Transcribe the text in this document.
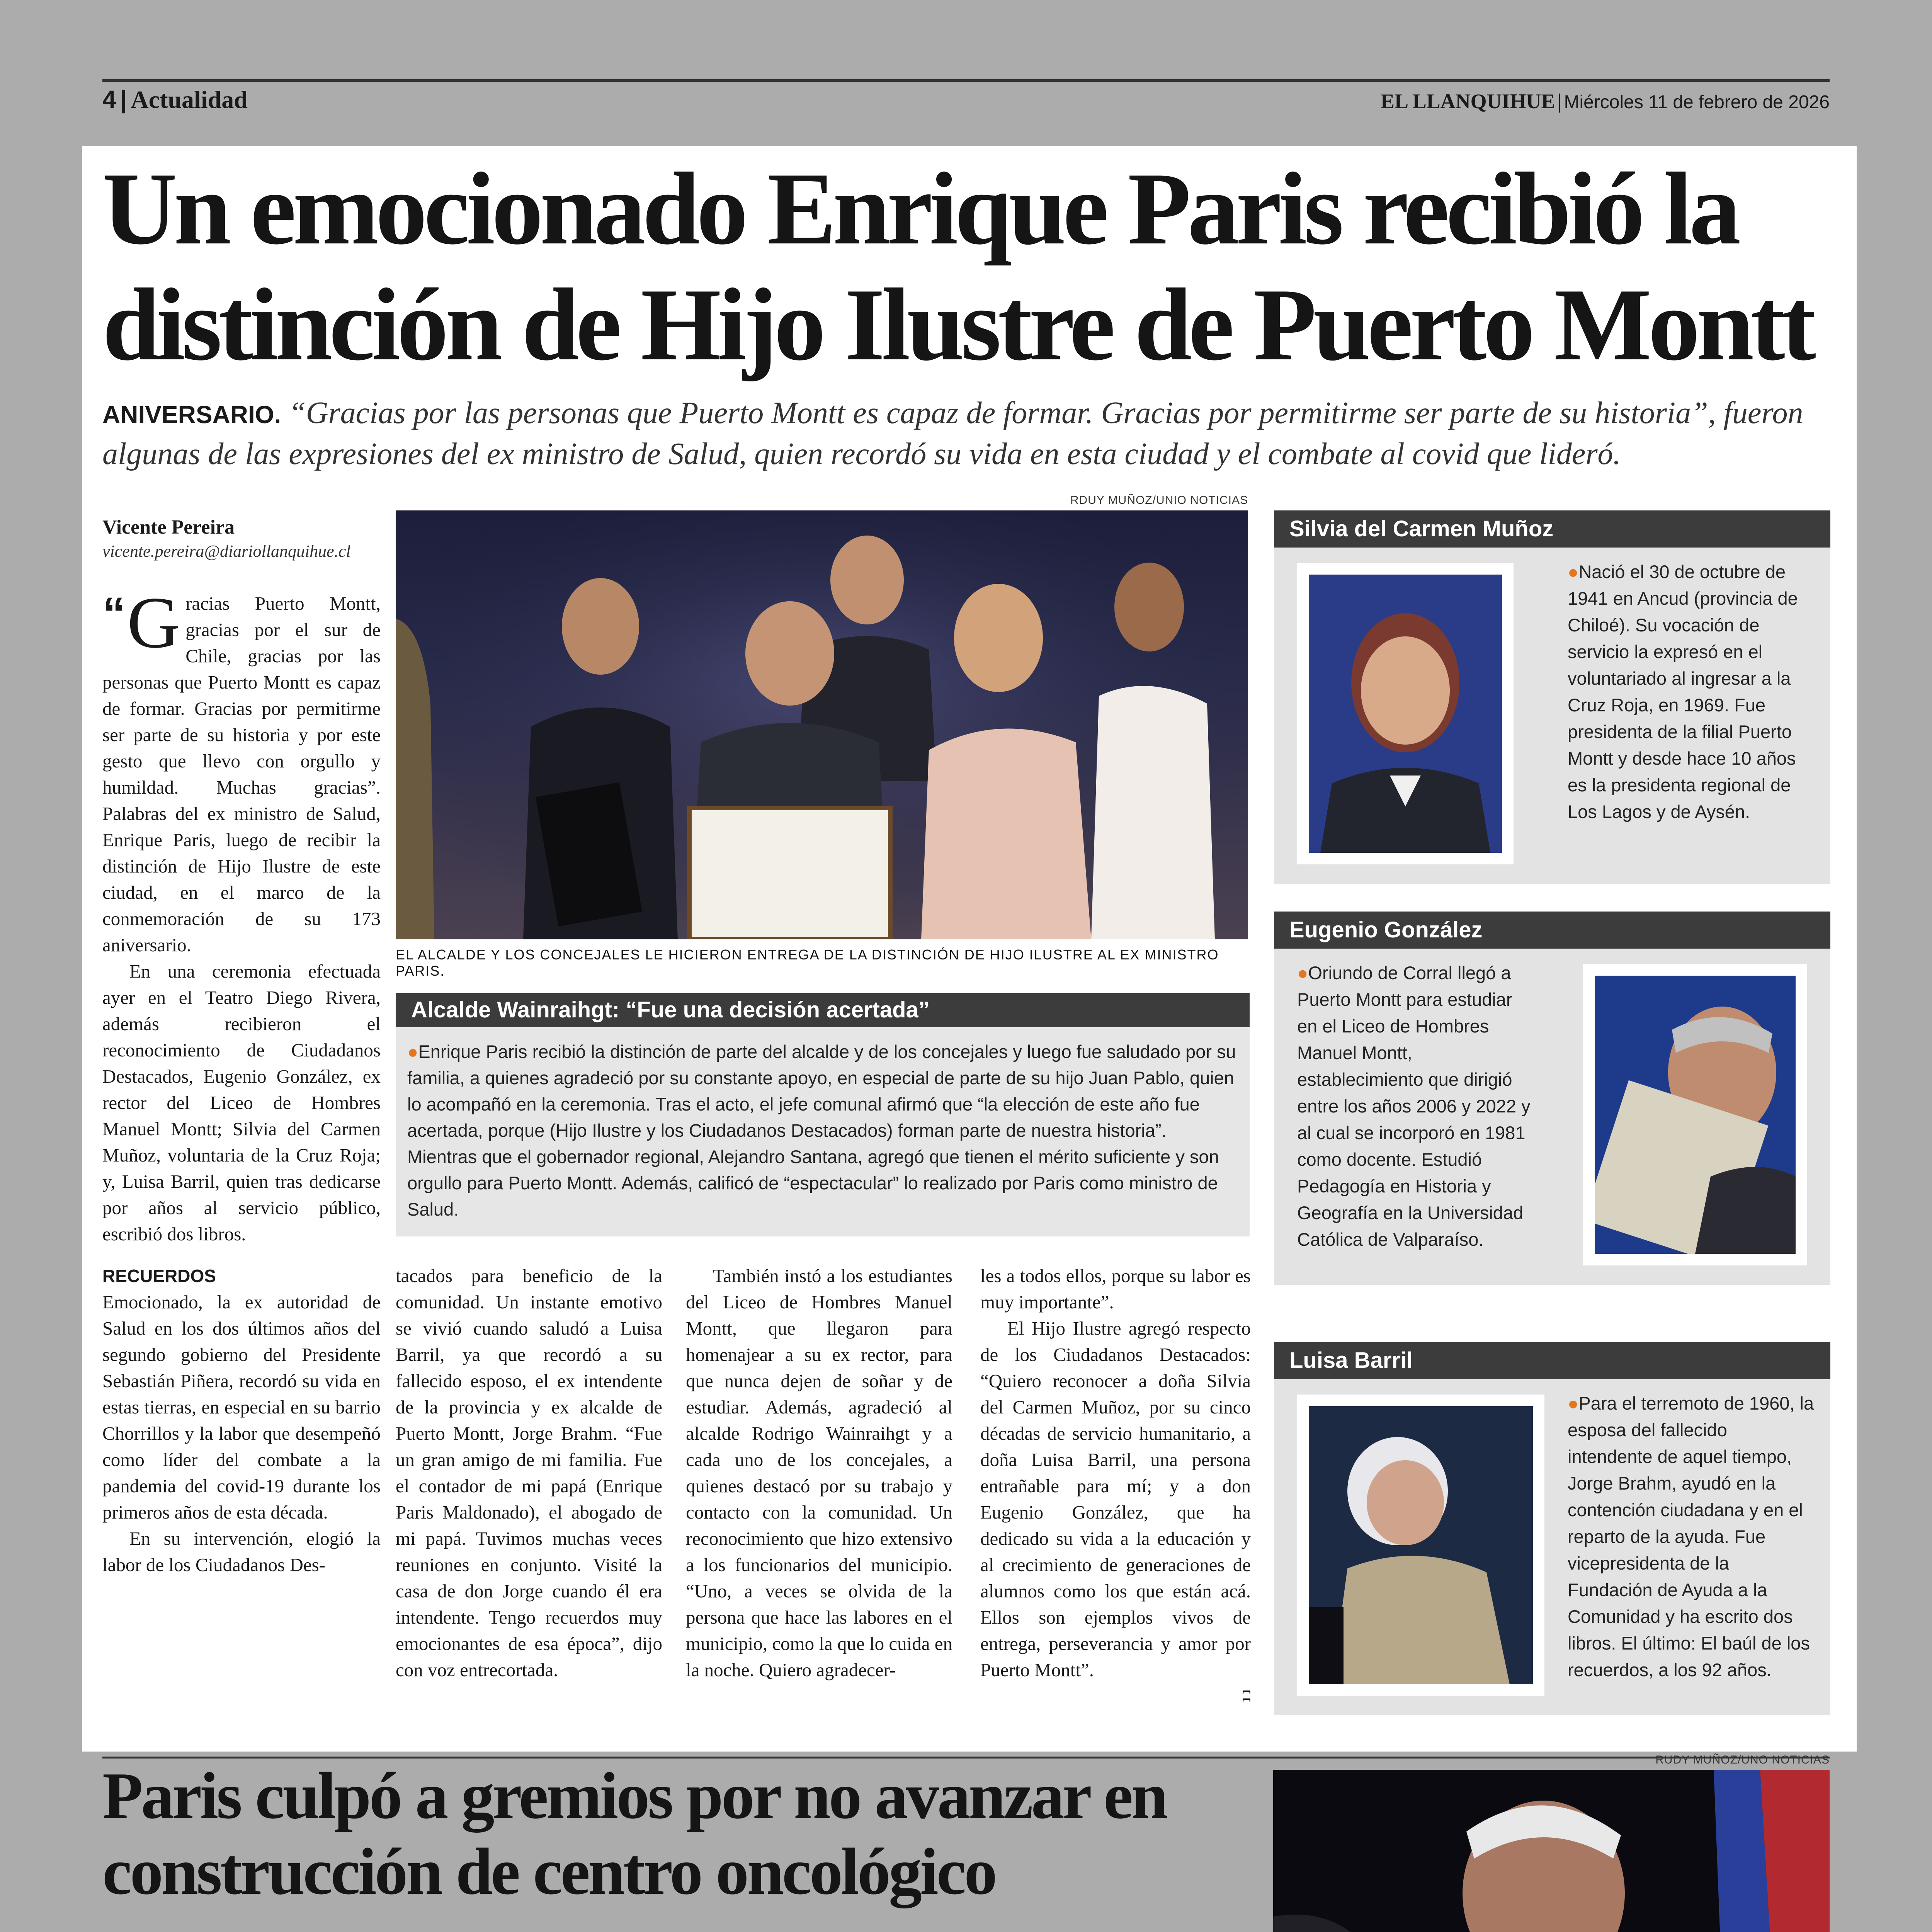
4 | Actualidad	EL LLANQUIHUE | Miércoles 11 de febrero de 2026
Un emocionado Enrique Paris recibió la distinción de Hijo Ilustre de Puerto Montt
ANIVERSARIO. “Gracias por las personas que Puerto Montt es capaz de formar. Gracias por permitirme ser parte de su historia”, fueron algunas de las expresiones del ex ministro de Salud, quien recordó su vida en esta ciudad y el combate al covid que lideró.
Vicente Pereira
vicente.pereira@diariollanquihue.cl

“ G racias Puerto Montt, gracias por el sur de Chile, gracias por las personas que Puerto Montt es capaz de formar. Gracias por permitirme ser parte de su historia y por este gesto que llevo con orgullo y humildad. Muchas gracias”. Palabras del ex ministro de Salud, Enrique Paris, luego de recibir la distinción de Hijo Ilustre de este ciudad, en el marco de la conmemoración de su 173 aniversario.

En una ceremonia efectuada ayer en el Teatro Diego Rivera, además recibieron el reconocimiento de Ciudadanos Destacados, Eugenio González, ex rector del Liceo de Hombres Manuel Montt; Silvia del Carmen Muñoz, voluntaria de la Cruz Roja; y, Luisa Barril, quien tras dedicarse por años al servicio público, escribió dos libros.

RECUERDOS

Emocionado, la ex autoridad de Salud en los dos últimos años del segundo gobierno del Presidente Sebastián Piñera, recordó su vida en estas tierras, en especial en su barrio Chorrillos y la labor que desempeñó como líder del combate a la pandemia del covid-19 durante los primeros años de esta década.

En su intervención, elogió la labor de los Ciudadanos Des-

RDUY MUÑOZ/UNIO NOTICIAS
EL ALCALDE Y LOS CONCEJALES LE HICIERON ENTREGA DE LA DISTINCIÓN DE HIJO ILUSTRE AL EX MINISTRO PARIS.
Alcalde Wainraihgt: “Fue una decisión acertada”
●Enrique Paris recibió la distinción de parte del alcalde y de los concejales y luego fue saludado por su familia, a quienes agradeció por su constante apoyo, en especial de parte de su hijo Juan Pablo, quien lo acompañó en la ceremonia. Tras el acto, el jefe comunal afirmó que “la elección de este año fue acertada, porque (Hijo Ilustre y los Ciudadanos Destacados) forman parte de nuestra historia”. Mientras que el gobernador regional, Alejandro Santana, agregó que tienen el mérito suficiente y son orgullo para Puerto Montt. Además, calificó de “espectacular” lo realizado por Paris como ministro de Salud.
tacados para beneficio de la comunidad. Un instante emotivo se vivió cuando saludó a Luisa Barril, ya que recordó a su fallecido esposo, el ex intendente de la provincia y ex alcalde de Puerto Montt, Jorge Brahm. “Fue un gran amigo de mi familia. Fue el contador de mi papá (Enrique Paris Maldonado), el abogado de mi papá. Tuvimos muchas veces reuniones en conjunto. Visité la casa de don Jorge cuando él era intendente. Tengo recuerdos muy emocionantes de esa época”, dijo con voz entrecortada.

También instó a los estudiantes del Liceo de Hombres Manuel Montt, que llegaron para homenajear a su ex rector, para que nunca dejen de soñar y de estudiar. Además, agradeció al alcalde Rodrigo Wainraihgt y a cada uno de los concejales, a quienes destacó por su trabajo y contacto con la comunidad. Un reconocimiento que hizo extensivo a los funcionarios del municipio. “Uno, a veces se olvida de la persona que hace las labores en el municipio, como la que lo cuida en la noche. Quiero agradecer-

les a todos ellos, porque su labor es muy importante”.

El Hijo Ilustre agregó respecto de los Ciudadanos Destacados: “Quiero reconocer a doña Silvia del Carmen Muñoz, por su cinco décadas de servicio humanitario, a doña Luisa Barril, una persona entrañable para mí; y a don Eugenio González, que ha dedicado su vida a la educación y al crecimiento de generaciones de alumnos como los que están acá. Ellos son ejemplos vivos de entrega, perseverancia y amor por Puerto Montt”.

ʭ
Silvia del Carmen Muñoz
●Nació el 30 de octubre de 1941 en Ancud (provincia de Chiloé). Su vocación de servicio la expresó en el voluntariado al ingresar a la Cruz Roja, en 1969. Fue presidenta de la filial Puerto Montt y desde hace 10 años es la presidenta regional de Los Lagos y de Aysén.
Eugenio González
●Oriundo de Corral llegó a Puerto Montt para estudiar en el Liceo de Hombres Manuel Montt, establecimiento que dirigió entre los años 2006 y 2022 y al cual se incorporó en 1981 como docente. Estudió Pedagogía en Historia y Geografía en la Universidad Católica de Valparaíso.
Luisa Barril
●Para el terremoto de 1960, la esposa del fallecido intendente de aquel tiempo, Jorge Brahm, ayudó en la contención ciudadana y en el reparto de la ayuda. Fue vicepresidenta de la Fundación de Ayuda a la Comunidad y ha escrito dos libros. El último: El baúl de los recuerdos, a los 92 años.
Paris culpó a gremios por no avanzar en construcción de centro oncológico

RUDY MUÑOZ/UNO NOTICIAS
